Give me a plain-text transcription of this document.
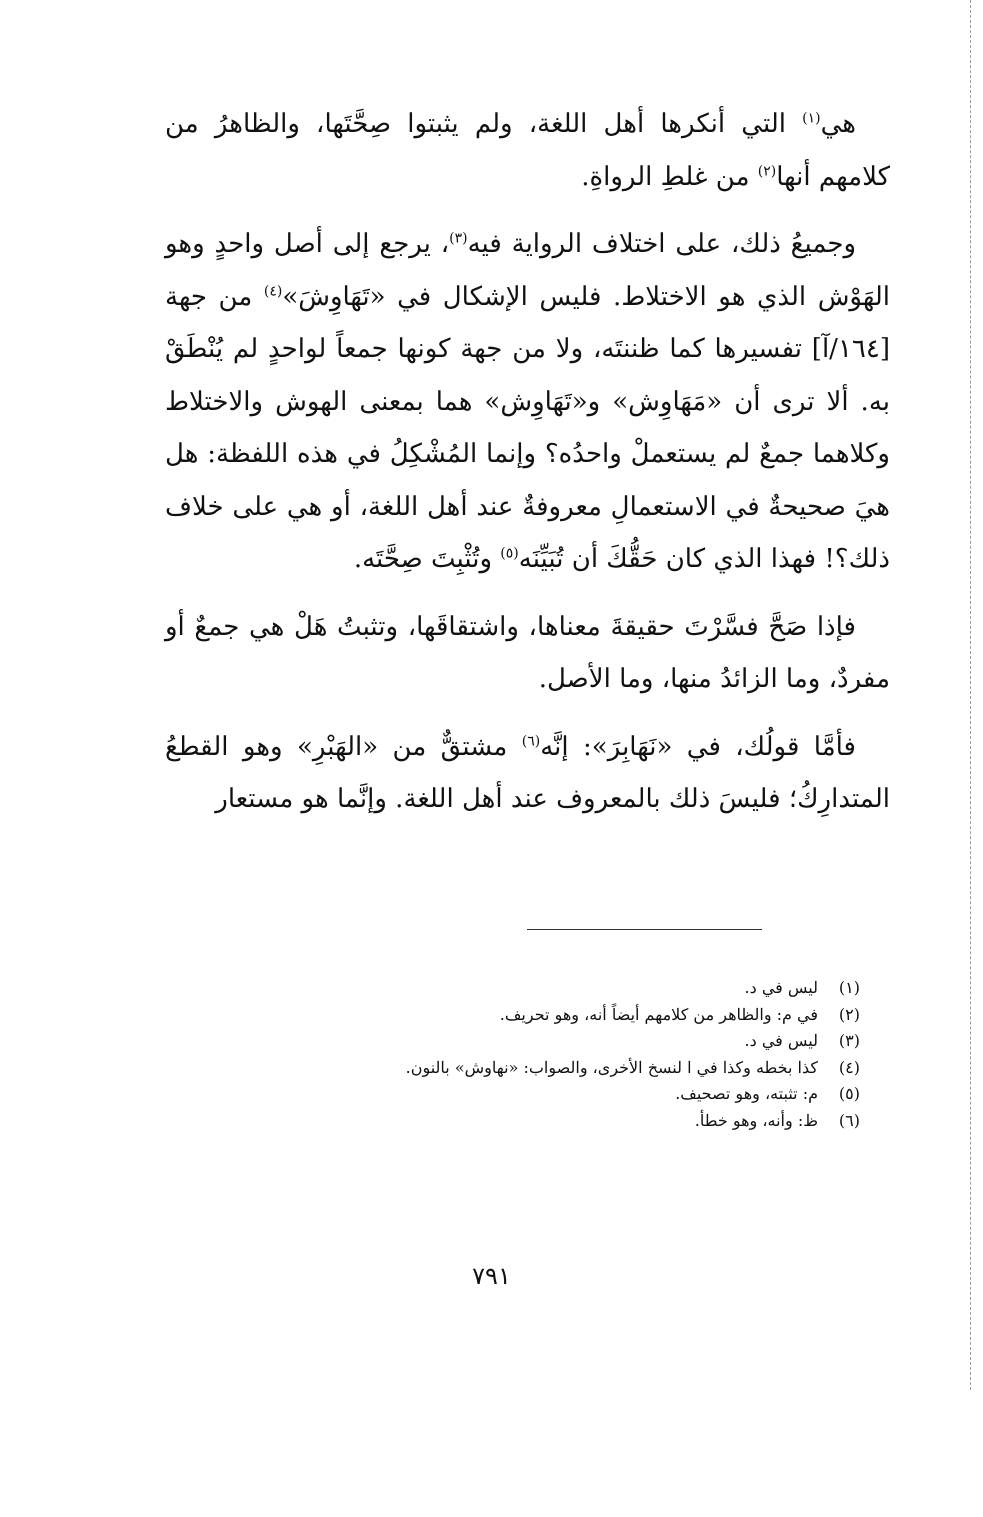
هي$^{(١)}$ التي أنكرها أهل اللغة، ولم يثبتوا صِحَّتَها، والظاهرُ من كلامهم أنها$^{(٢)}$ من غلطِ الرواةِ.

وجميعُ ذلك، على اختلاف الرواية فيه$^{(٣)}$، يرجع إلى أصل واحدٍ وهو الهَوْش الذي هو الاختلاط. فليس الإشكال في «تَهَاوِشَ»$^{(٤)}$ من جهة [١٦٤/آ] تفسيرها كما ظننتَه، ولا من جهة كونها جمعاً لواحدٍ لم يُنْطَقْ به. ألا ترى أن «مَهَاوِش» و«تَهَاوِش» هما بمعنى الهوش والاختلاط وكلاهما جمعٌ لم يستعملْ واحدُه؟ وإنما المُشْكِلُ في هذه اللفظة: هل هيَ صحيحةٌ في الاستعمالِ معروفةٌ عند أهل اللغة، أو هي على خلاف ذلك؟! فهذا الذي كان حَقُّكَ أن تُبَيِّنَه$^{(٥)}$ وتُثْبِتَ صِحَّتَه.

فإذا صَحَّ فسَّرْتَ حقيقةَ معناها، واشتقاقَها، وتثبتُ هَلْ هي جمعٌ أو مفردٌ، وما الزائدُ منها، وما الأصل.

فأمَّا قولُك، في «نَهَابِرَ»: إنَّه$^{(٦)}$ مشتقٌّ من «الهَبْرِ» وهو القطعُ المتدارِكُ؛ فليسَ ذلك بالمعروف عند أهل اللغة. وإنَّما هو مستعار

(١)ليس في د.
(٢)في م: والظاهر من كلامهم أيضاً أنه، وهو تحريف.
(٣)ليس في د.
(٤)كذا بخطه وكذا في ا لنسخ الأخرى، والصواب: «نهاوش» بالنون.
(٥)م: تثبته، وهو تصحيف.
(٦)ظ: وأنه، وهو خطأ.
٧٩١
